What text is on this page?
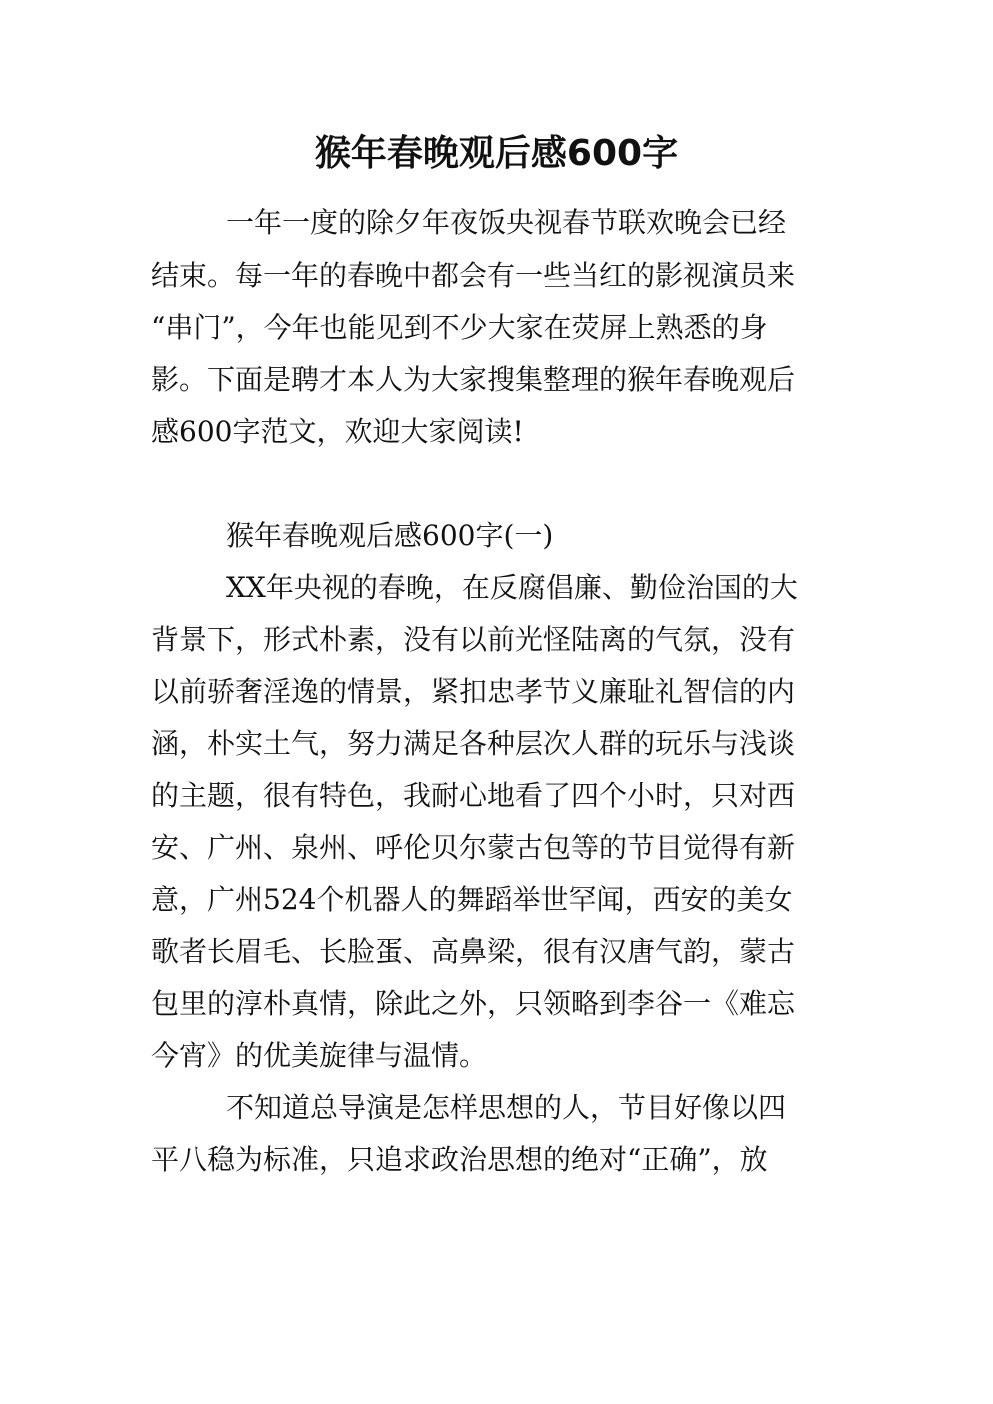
猴年春晚观后感600字
一年一度的除夕年夜饭央视春节联欢晚会已经
结束。每一年的春晚中都会有一些当红的影视演员来
“串门”，今年也能见到不少大家在荧屏上熟悉的身
影。下面是聘才本人为大家搜集整理的猴年春晚观后
感600字范文，欢迎大家阅读!
猴年春晚观后感600字(一)
XX年央视的春晚，在反腐倡廉、勤俭治国的大
背景下，形式朴素，没有以前光怪陆离的气氛，没有
以前骄奢淫逸的情景，紧扣忠孝节义廉耻礼智信的内
涵，朴实土气，努力满足各种层次人群的玩乐与浅谈
的主题，很有特色，我耐心地看了四个小时，只对西
安、广州、泉州、呼伦贝尔蒙古包等的节目觉得有新
意，广州524个机器人的舞蹈举世罕闻，西安的美女
歌者长眉毛、长脸蛋、高鼻梁，很有汉唐气韵，蒙古
包里的淳朴真情，除此之外，只领略到李谷一《难忘
今宵》的优美旋律与温情。
不知道总导演是怎样思想的人，节目好像以四
平八稳为标准，只追求政治思想的绝对“正确”，放
